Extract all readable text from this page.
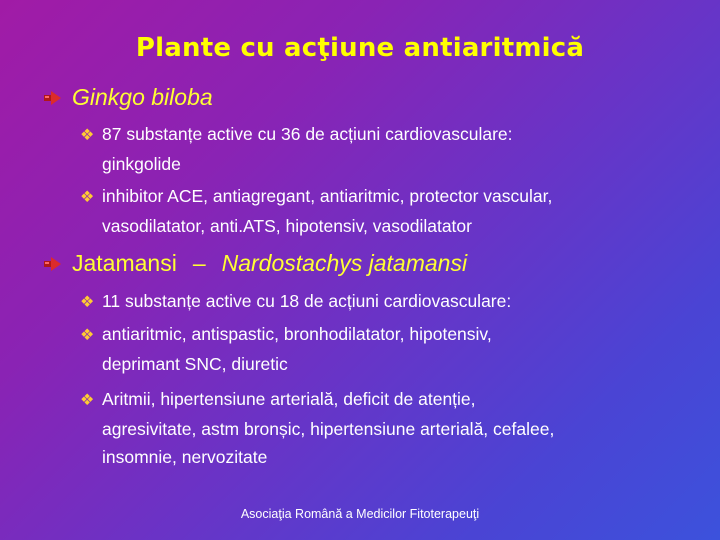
Plante cu acţiune antiaritmică
Ginkgo biloba
❖ 87 substanțe active cu 36 de acțiuni cardiovasculare:
ginkgolide
❖ inhibitor ACE, antiagregant, antiaritmic, protector vascular,
vasodilatator, anti.ATS, hipotensiv, vasodilatator
Jatamansi – Nardostachys jatamansi
❖ 11 substanțe active cu 18 de acțiuni cardiovasculare:
❖ antiaritmic, antispastic, bronhodilatator, hipotensiv,
deprimant SNC, diuretic
❖ Aritmii, hipertensiune arterială, deficit de atenție,
agresivitate, astm bronșic, hipertensiune arterială, cefalee,
insomnie, nervozitate
Asociaţia Română a Medicilor Fitoterapeuţi
